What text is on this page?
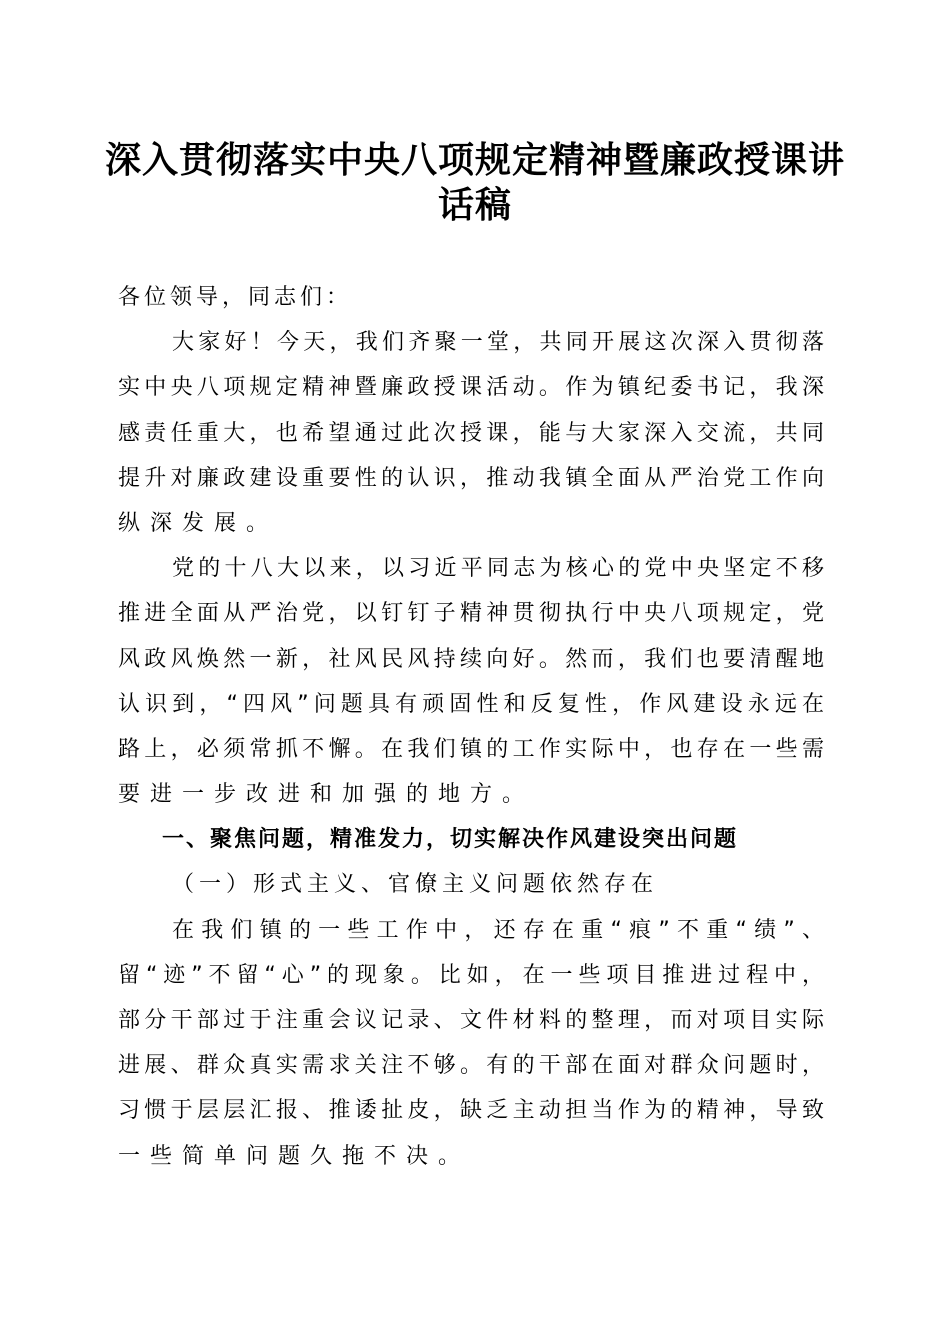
深入贯彻落实中央八项规定精神暨廉政授课讲
话稿
各位领导，同志们：
大家好！今天，我们齐聚一堂，共同开展这次深入贯彻落
实中央八项规定精神暨廉政授课活动。作为镇纪委书记，我深
感责任重大，也希望通过此次授课，能与大家深入交流，共同
提升对廉政建设重要性的认识，推动我镇全面从严治党工作向
纵深发展。
党的十八大以来，以习近平同志为核心的党中央坚定不移
推进全面从严治党，以钉钉子精神贯彻执行中央八项规定，党
风政风焕然一新，社风民风持续向好。然而，我们也要清醒地
认识到，“四风”问题具有顽固性和反复性，作风建设永远在
路上，必须常抓不懈。在我们镇的工作实际中，也存在一些需
要进一步改进和加强的地方。
一、聚焦问题，精准发力，切实解决作风建设突出问题
（一）形式主义、官僚主义问题依然存在
在我们镇的一些工作中，还存在重“痕”不重“绩”、
留“迹”不留“心”的现象。比如，在一些项目推进过程中，
部分干部过于注重会议记录、文件材料的整理，而对项目实际
进展、群众真实需求关注不够。有的干部在面对群众问题时，
习惯于层层汇报、推诿扯皮，缺乏主动担当作为的精神，导致
一些简单问题久拖不决。
